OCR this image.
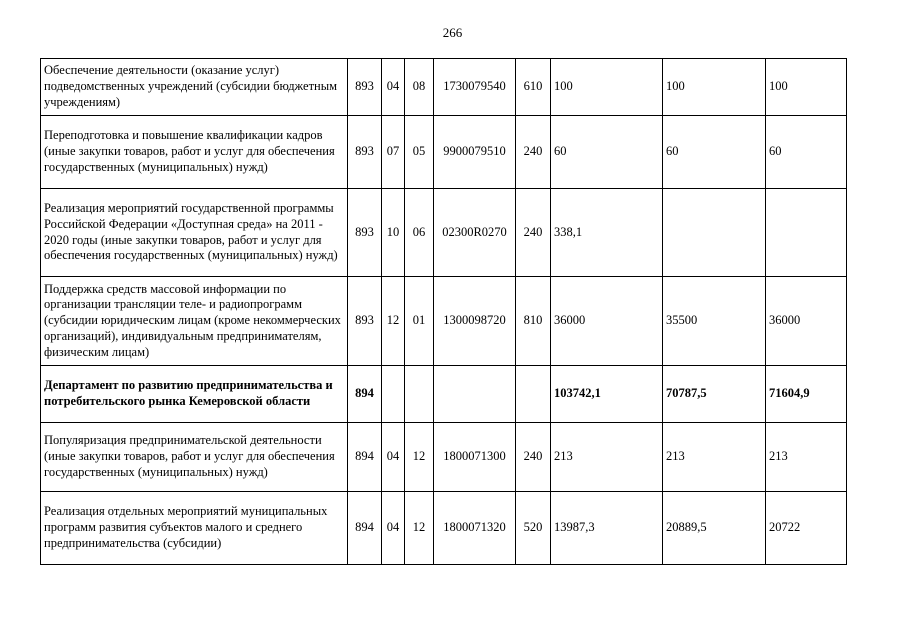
266
Обеспечение деятельности (оказание услуг) подведомственных учреждений (субсидии бюджетным учреждениям)	893	04	08	1730079540	610	100	100	100
Переподготовка и повышение квалификации кадров (иные закупки товаров, работ и услуг для обеспечения государственных (муниципальных) нужд)	893	07	05	9900079510	240	60	60	60
Реализация мероприятий государственной программы Российской Федерации «Доступная среда» на 2011 - 2020 годы (иные закупки товаров, работ и услуг для обеспечения государственных (муниципальных) нужд)	893	10	06	02300R0270	240	338,1		
Поддержка средств массовой информации по организации трансляции теле- и радиопрограмм (субсидии юридическим лицам (кроме некоммерческих организаций), индивидуальным предпринимателям, физическим лицам)	893	12	01	1300098720	810	36000	35500	36000
Департамент по развитию предпринимательства и потребительского рынка Кемеровской области	894					103742,1	70787,5	71604,9
Популяризация предпринимательской деятельности (иные закупки товаров, работ и услуг для обеспечения государственных (муниципальных) нужд)	894	04	12	1800071300	240	213	213	213
Реализация отдельных мероприятий муниципальных программ развития субъектов малого и среднего предпринимательства (субсидии)	894	04	12	1800071320	520	13987,3	20889,5	20722
